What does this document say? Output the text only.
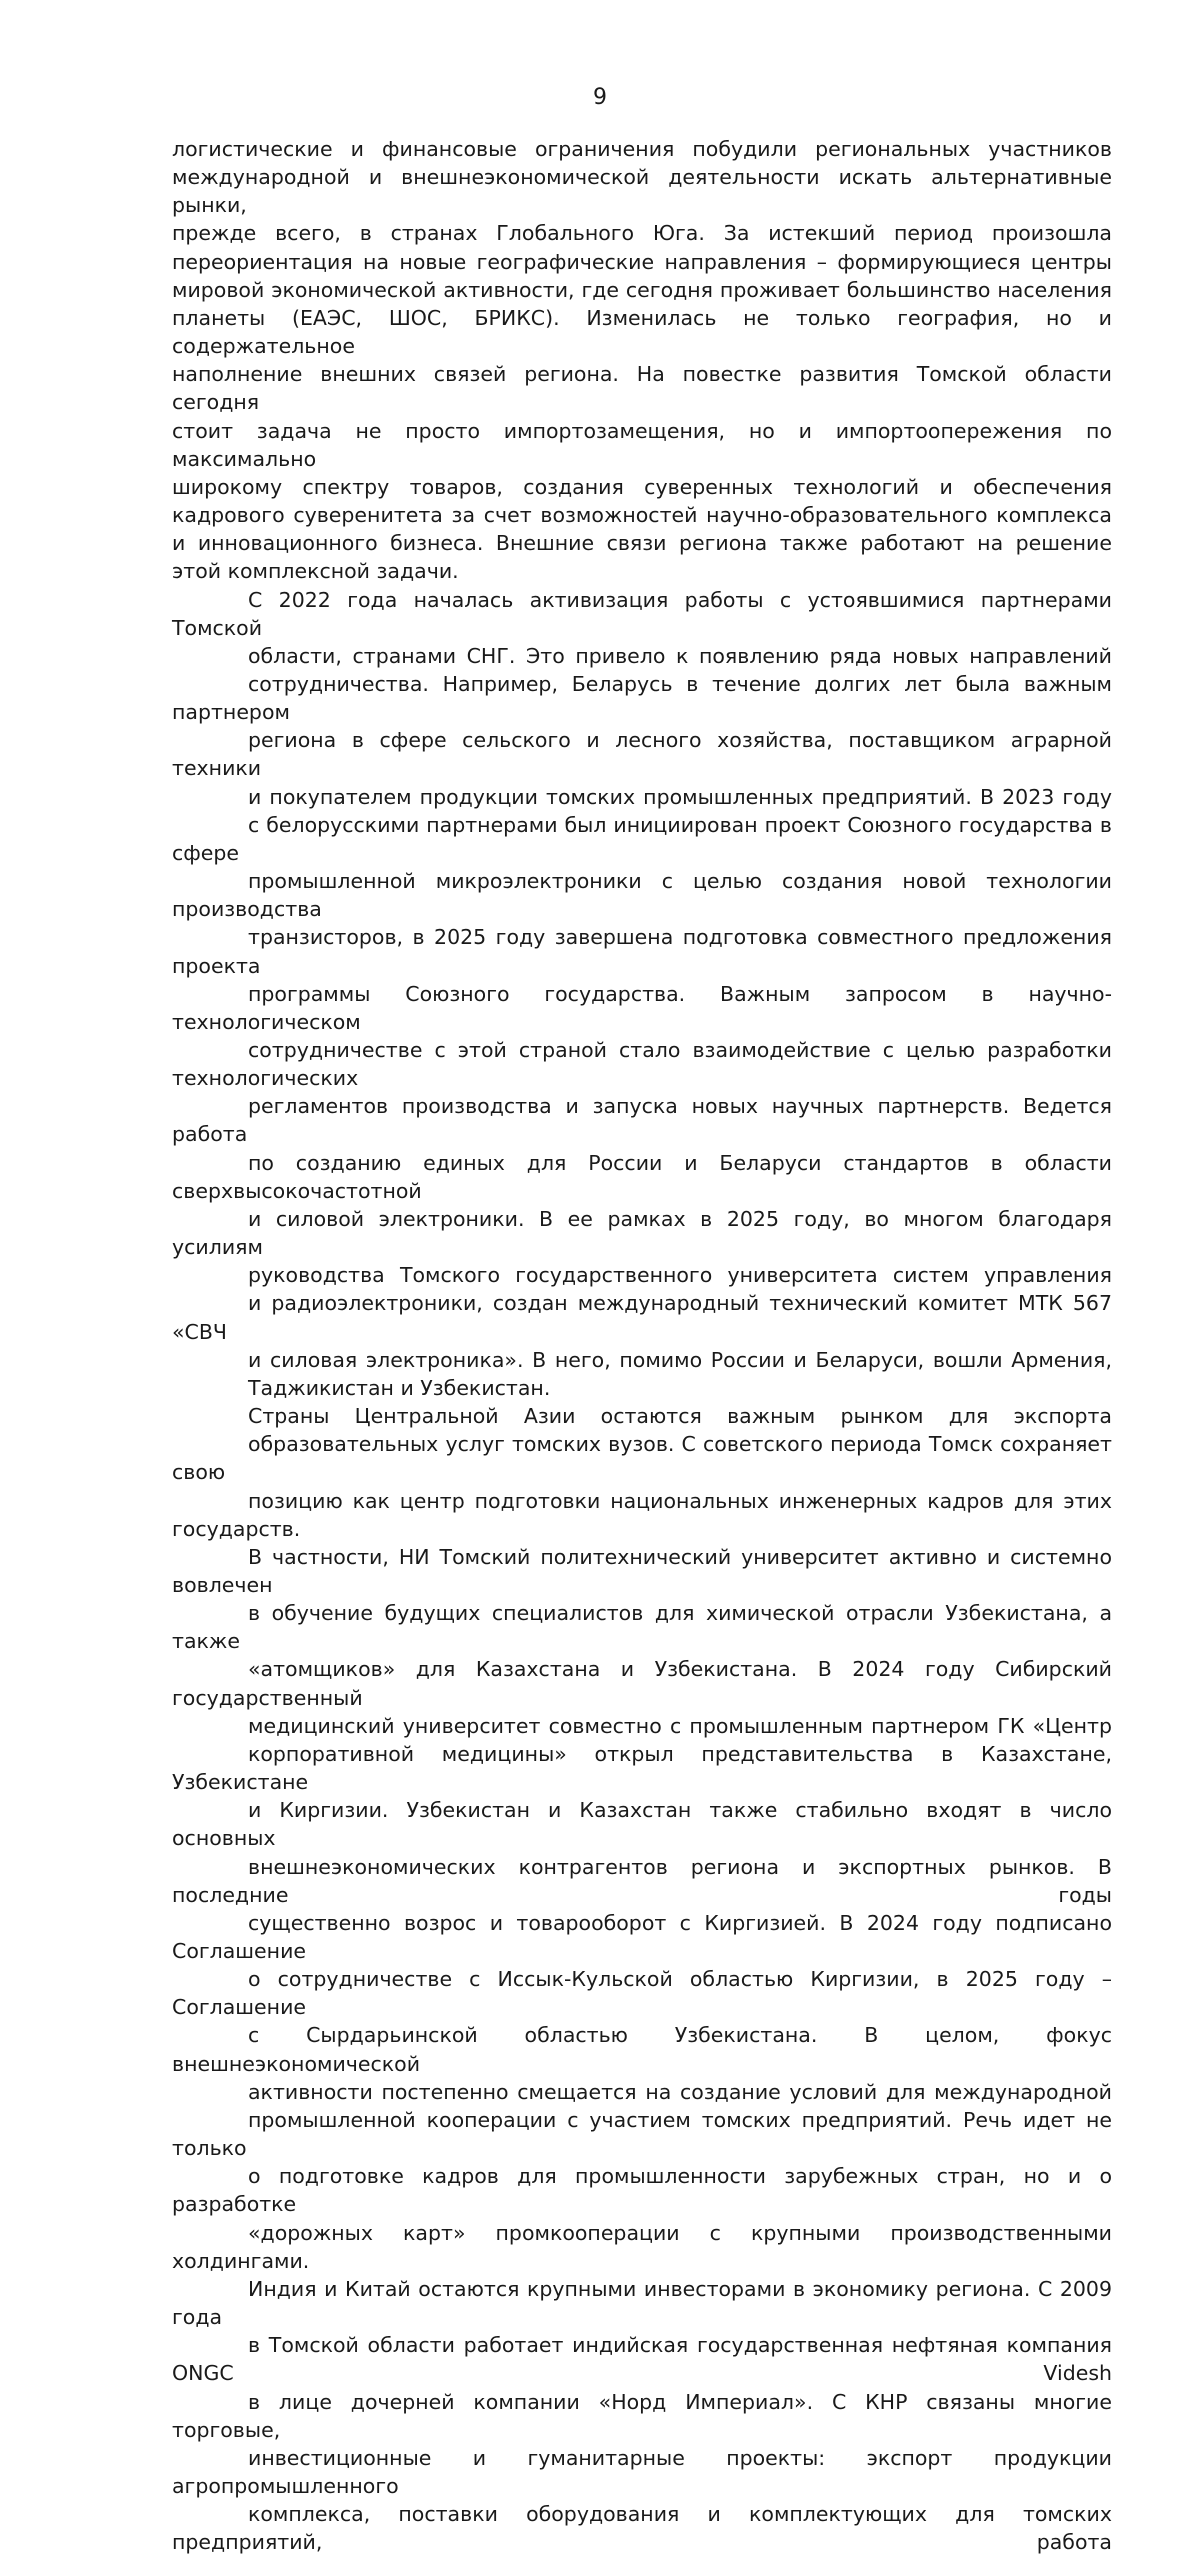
9
логистические и финансовые ограничения побудили региональных участников
международной и внешнеэкономической деятельности искать альтернативные рынки,
прежде всего, в странах Глобального Юга. За истекший период произошла
переориентация на новые географические направления – формирующиеся центры
мировой экономической активности, где сегодня проживает большинство населения
планеты (ЕАЭС, ШОС, БРИКС). Изменилась не только география, но и содержательное
наполнение внешних связей региона. На повестке развития Томской области сегодня
стоит задача не просто импортозамещения, но и импортоопережения по максимально
широкому спектру товаров, создания суверенных технологий и обеспечения
кадрового суверенитета за счет возможностей научно-образовательного комплекса
и инновационного бизнеса. Внешние связи региона также работают на решение
этой комплексной задачи.
С 2022 года началась активизация работы с устоявшимися партнерами Томской
области, странами СНГ. Это привело к появлению ряда новых направлений
сотрудничества. Например, Беларусь в течение долгих лет была важным партнером
региона в сфере сельского и лесного хозяйства, поставщиком аграрной техники
и покупателем продукции томских промышленных предприятий. В 2023 году
с белорусскими партнерами был инициирован проект Союзного государства в сфере
промышленной микроэлектроники с целью создания новой технологии производства
транзисторов, в 2025 году завершена подготовка совместного предложения проекта
программы Союзного государства. Важным запросом в научно-технологическом
сотрудничестве с этой страной стало взаимодействие с целью разработки технологических
регламентов производства и запуска новых научных партнерств. Ведется работа
по созданию единых для России и Беларуси стандартов в области сверхвысокочастотной
и силовой электроники. В ее рамках в 2025 году, во многом благодаря усилиям
руководства Томского государственного университета систем управления
и радиоэлектроники, создан международный технический комитет МТК 567 «СВЧ
и силовая электроника». В него, помимо России и Беларуси, вошли Армения,
Таджикистан и Узбекистан.
Страны Центральной Азии остаются важным рынком для экспорта
образовательных услуг томских вузов. С советского периода Томск сохраняет свою
позицию как центр подготовки национальных инженерных кадров для этих государств.
В частности, НИ Томский политехнический университет активно и системно вовлечен
в обучение будущих специалистов для химической отрасли Узбекистана, а также
«атомщиков» для Казахстана и Узбекистана. В 2024 году Сибирский государственный
медицинский университет совместно с промышленным партнером ГК «Центр
корпоративной медицины» открыл представительства в Казахстане, Узбекистане
и Киргизии. Узбекистан и Казахстан также стабильно входят в число основных
внешнеэкономических контрагентов региона и экспортных рынков. В последние годы
существенно возрос и товарооборот с Киргизией. В 2024 году подписано Соглашение
о сотрудничестве с Иссык-Кульской областью Киргизии, в 2025 году – Соглашение
с Сырдарьинской областью Узбекистана. В целом, фокус внешнеэкономической
активности постепенно смещается на создание условий для международной
промышленной кооперации с участием томских предприятий. Речь идет не только
о подготовке кадров для промышленности зарубежных стран, но и о разработке
«дорожных карт» промкооперации с крупными производственными холдингами.
Индия и Китай остаются крупными инвесторами в экономику региона. С 2009 года
в Томской области работает индийская государственная нефтяная компания ONGC Videsh
в лице дочерней компании «Норд Империал». С КНР связаны многие торговые,
инвестиционные и гуманитарные проекты: экспорт продукции агропромышленного
комплекса, поставки оборудования и комплектующих для томских предприятий, работа
